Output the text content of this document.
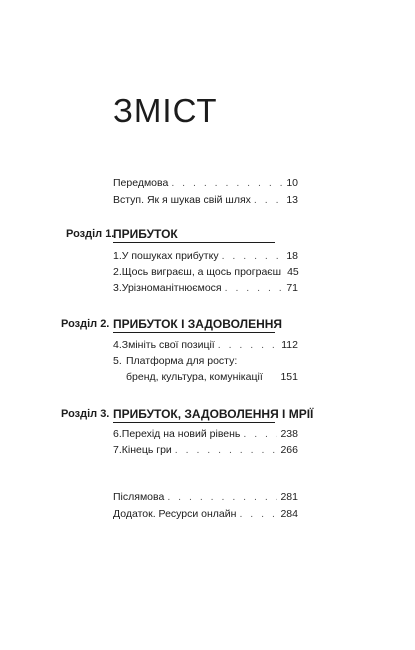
ЗМІСТ
Передмова . . .	10
Вступ. Як я шукав свій шлях . . .	13
Розділ 1.
ПРИБУТОК
1. У пошуках прибутку . . .	18
2. Щось виграєш, а щось програєш 45
3. Урізноманітнюємося . . .	71
Розділ 2. ПРИБУТОК І ЗАДОВОЛЕННЯ
4. Змініть свої позиції . . .	112
5. Платформа для росту:
бренд, культура, комунікації 151
Розділ 3. ПРИБУТОК, ЗАДОВОЛЕННЯ І МРІЇ
6. Перехід на новий рівень . . .	238
7. Кінець гри . . .	266
Післямова . . .	281
Додаток. Ресурси онлайн . . .	284
